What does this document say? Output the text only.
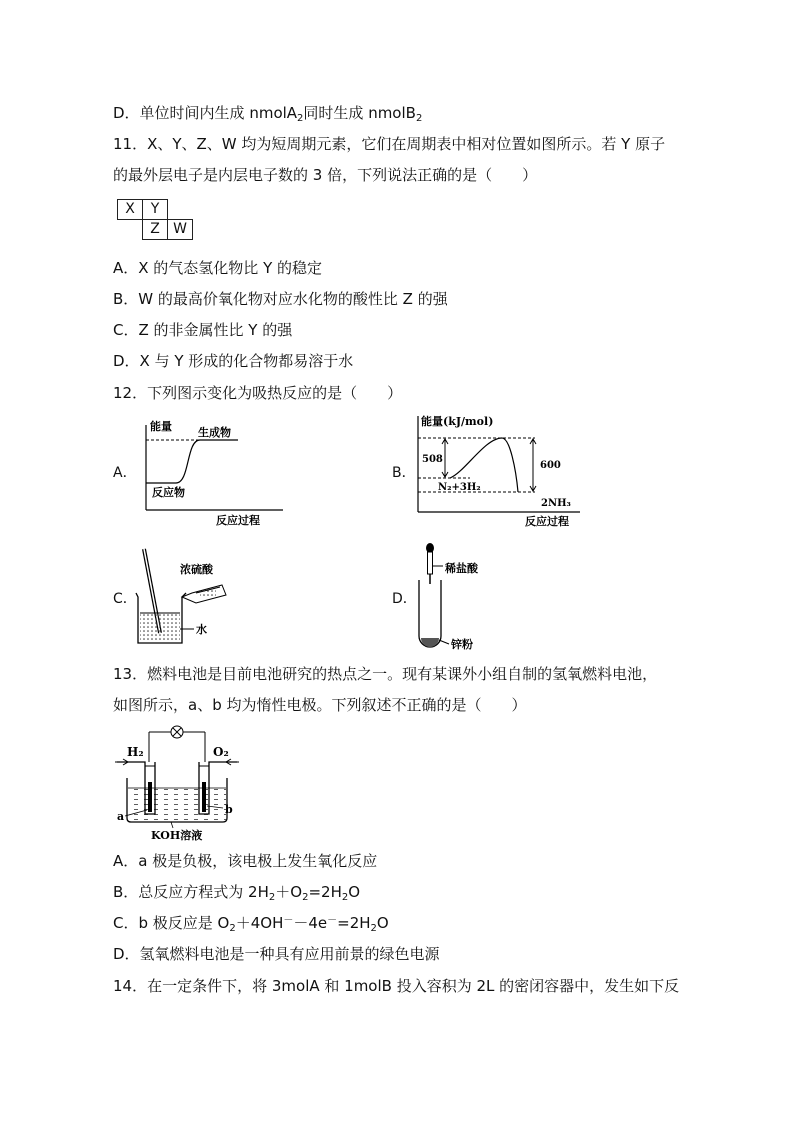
D．单位时间内生成 nmolA$_2$同时生成 nmolB$_2$
11．X、Y、Z、W 均为短周期元素，它们在周期表中相对位置如图所示。若 Y 原子
的最外层电子是内层电子数的 3 倍，下列说法正确的是（　　）
X	Y	
	Z	W
A．X 的气态氢化物比 Y 的稳定
B．W 的最高价氧化物对应水化物的酸性比 Z 的强
C．Z 的非金属性比 Y 的强
D．X 与 Y 形成的化合物都易溶于水
12．下列图示变化为吸热反应的是（　　）
A．
能量 生成物
反应物
反应过程
B．
能量(kJ/mol)
508
600
N₂+3H₂
2NH₃
反应过程
C．
浓硫酸
水
D．
稀盐酸
锌粉
13．燃料电池是目前电池研究的热点之一。现有某课外小组自制的氢氧燃料电池，
如图所示，a、b 均为惰性电极。下列叙述不正确的是（　　）
H₂	O₂
a
b
KOH溶液
A．a 极是负极，该电极上发生氧化反应
B．总反应方程式为 $2H_2+O_2=2H_2O$
C．b 极反应是 $O_2+4OH^--4e^-=2H_2O$
D．氢氧燃料电池是一种具有应用前景的绿色电源
14．在一定条件下，将 3molA 和 1molB 投入容积为 2L 的密闭容器中，发生如下反
